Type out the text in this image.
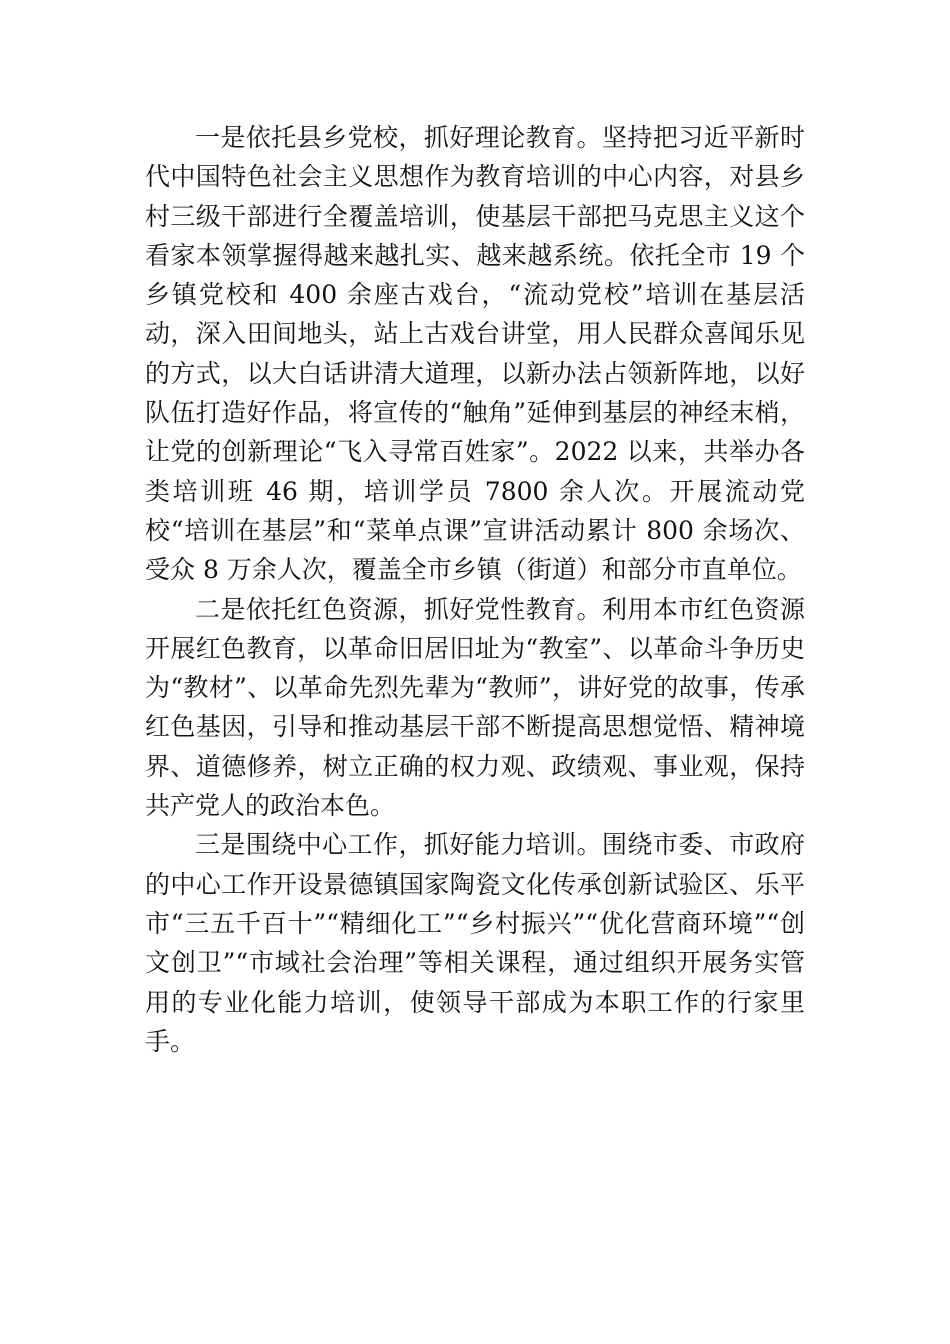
一是依托县乡党校，抓好理论教育。坚持把习近平新时代中国特色社会主义思想作为教育培训的中心内容，对县乡村三级干部进行全覆盖培训，使基层干部把马克思主义这个看家本领掌握得越来越扎实、越来越系统。依托全市 19 个乡镇党校和 400 余座古戏台，“流动党校”培训在基层活动，深入田间地头，站上古戏台讲堂，用人民群众喜闻乐见的方式，以大白话讲清大道理，以新办法占领新阵地，以好队伍打造好作品，将宣传的“触角”延伸到基层的神经末梢，让党的创新理论“飞入寻常百姓家”。2022 以来，共举办各类培训班 46 期，培训学员 7800 余人次。开展流动党校“培训在基层”和“菜单点课”宣讲活动累计 800 余场次、受众 8 万余人次，覆盖全市乡镇（街道）和部分市直单位。

二是依托红色资源，抓好党性教育。利用本市红色资源开展红色教育，以革命旧居旧址为“教室”、以革命斗争历史为“教材”、以革命先烈先辈为“教师”，讲好党的故事，传承红色基因，引导和推动基层干部不断提高思想觉悟、精神境界、道德修养，树立正确的权力观、政绩观、事业观，保持共产党人的政治本色。

三是围绕中心工作，抓好能力培训。围绕市委、市政府的中心工作开设景德镇国家陶瓷文化传承创新试验区、乐平市“三五千百十”“精细化工”“乡村振兴”“优化营商环境”“创文创卫”“市域社会治理”等相关课程，通过组织开展务实管用的专业化能力培训，使领导干部成为本职工作的行家里手。
